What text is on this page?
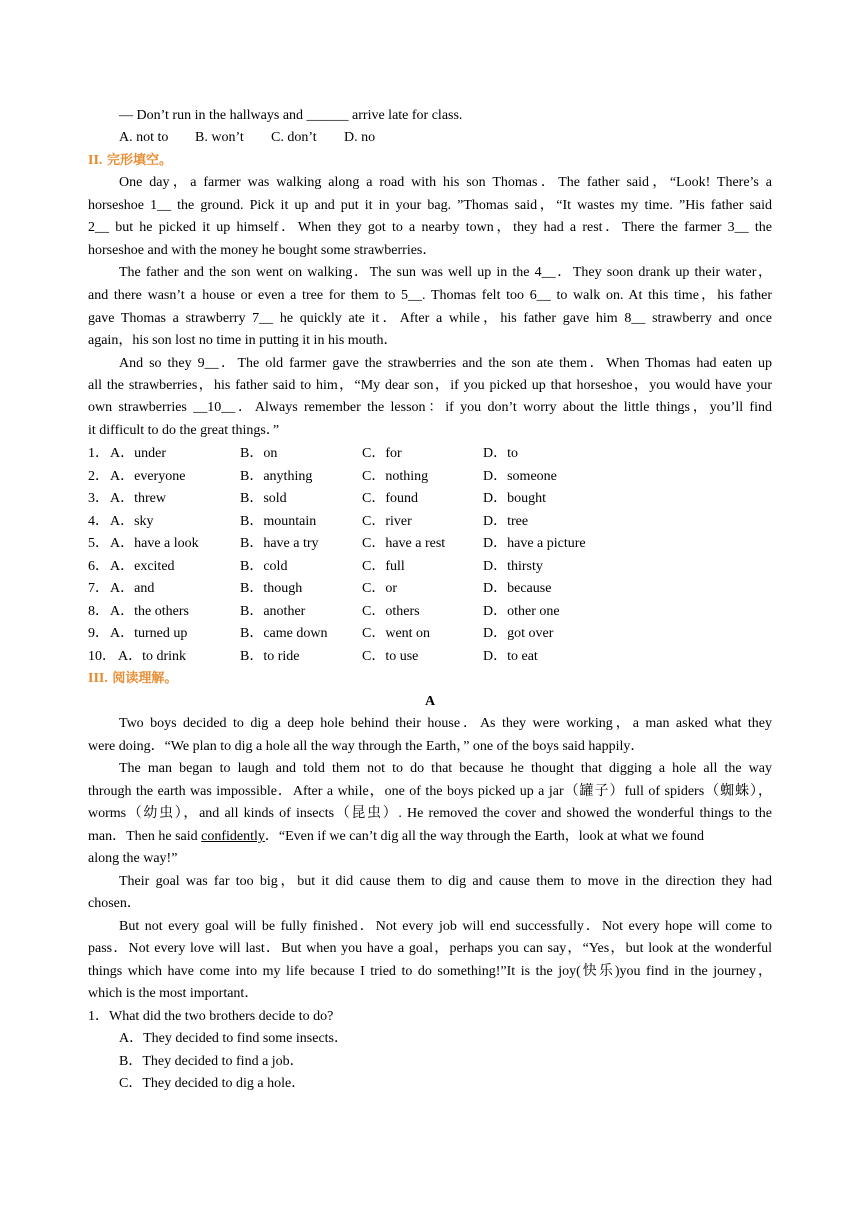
— Don’t run in the hallways and ______ arrive late for class.
A. not to B. won’t C. don’t D. no
II. 完形填空。
One day，a farmer was walking along a road with his son Thomas．The father said，“Look! There’s a
horseshoe 1__ the ground. Pick it up and put it in your bag. ”Thomas said，“It wastes my time. ”His father said
2__ but he picked it up himself．When they got to a nearby town，they had a rest．There the farmer 3__ the
horseshoe and with the money he bought some strawberries．
The father and the son went on walking．The sun was well up in the 4__．They soon drank up their water，
and there wasn’t a house or even a tree for them to 5__. Thomas felt too 6__ to walk on. At this time，his father
gave Thomas a strawberry 7__ he quickly ate it．After a while，his father gave him 8__ strawberry and once
again，his son lost no time in putting it in his mouth．
And so they 9__．The old farmer gave the strawberries and the son ate them．When Thomas had eaten up
all the strawberries，his father said to him，“My dear son，if you picked up that horseshoe，you would have your
own strawberries __10__．Always remember the lesson：if you don’t worry about the little things，you’ll find
it difficult to do the great things．”
1． A．under	B．on	C．for	D．to
2． A．everyone	B．anything	C．nothing	D．someone
3． A．threw	B．sold	C．found	D．bought
4． A．sky	B．mountain	C．river	D．tree
5． A．have a look	B．have a try	C．have a rest	D．have a picture
6． A．excited	B．cold	C．full	D．thirsty
7． A．and	B．though	C．or	D．because
8． A．the others	B．another	C．others	D．other one
9． A．turned up	B．came down C．went on	D．got over
10． A．to drink	B．to ride	C．to use	D．to eat
III. 阅读理解。
A
Two boys decided to dig a deep hole behind their house．As they were working，a man asked what they
were doing．“We plan to dig a hole all the way through the Earth，” one of the boys said happily．
The man began to laugh and told them not to do that because he thought that digging a hole all the way
through the earth was impossible．After a while，one of the boys picked up a jar（罐子）full of spiders（蜘蛛），
worms（幼虫），and all kinds of insects（昆虫）. He removed the cover and showed the wonderful things to the
man．Then he said confidently．“Even if we can’t dig all the way through the Earth，look at what we found
along the way!”
Their goal was far too big，but it did cause them to dig and cause them to move in the direction they had
chosen．
But not every goal will be fully finished．Not every job will end successfully．Not every hope will come to
pass．Not every love will last．But when you have a goal，perhaps you can say，“Yes，but look at the wonderful
things which have come into my life because I tried to do something!”It is the joy(快乐)you find in the journey，
which is the most important．
1．What did the two brothers decide to do?
A．They decided to find some insects．
B．They decided to find a job．
C．They decided to dig a hole．
